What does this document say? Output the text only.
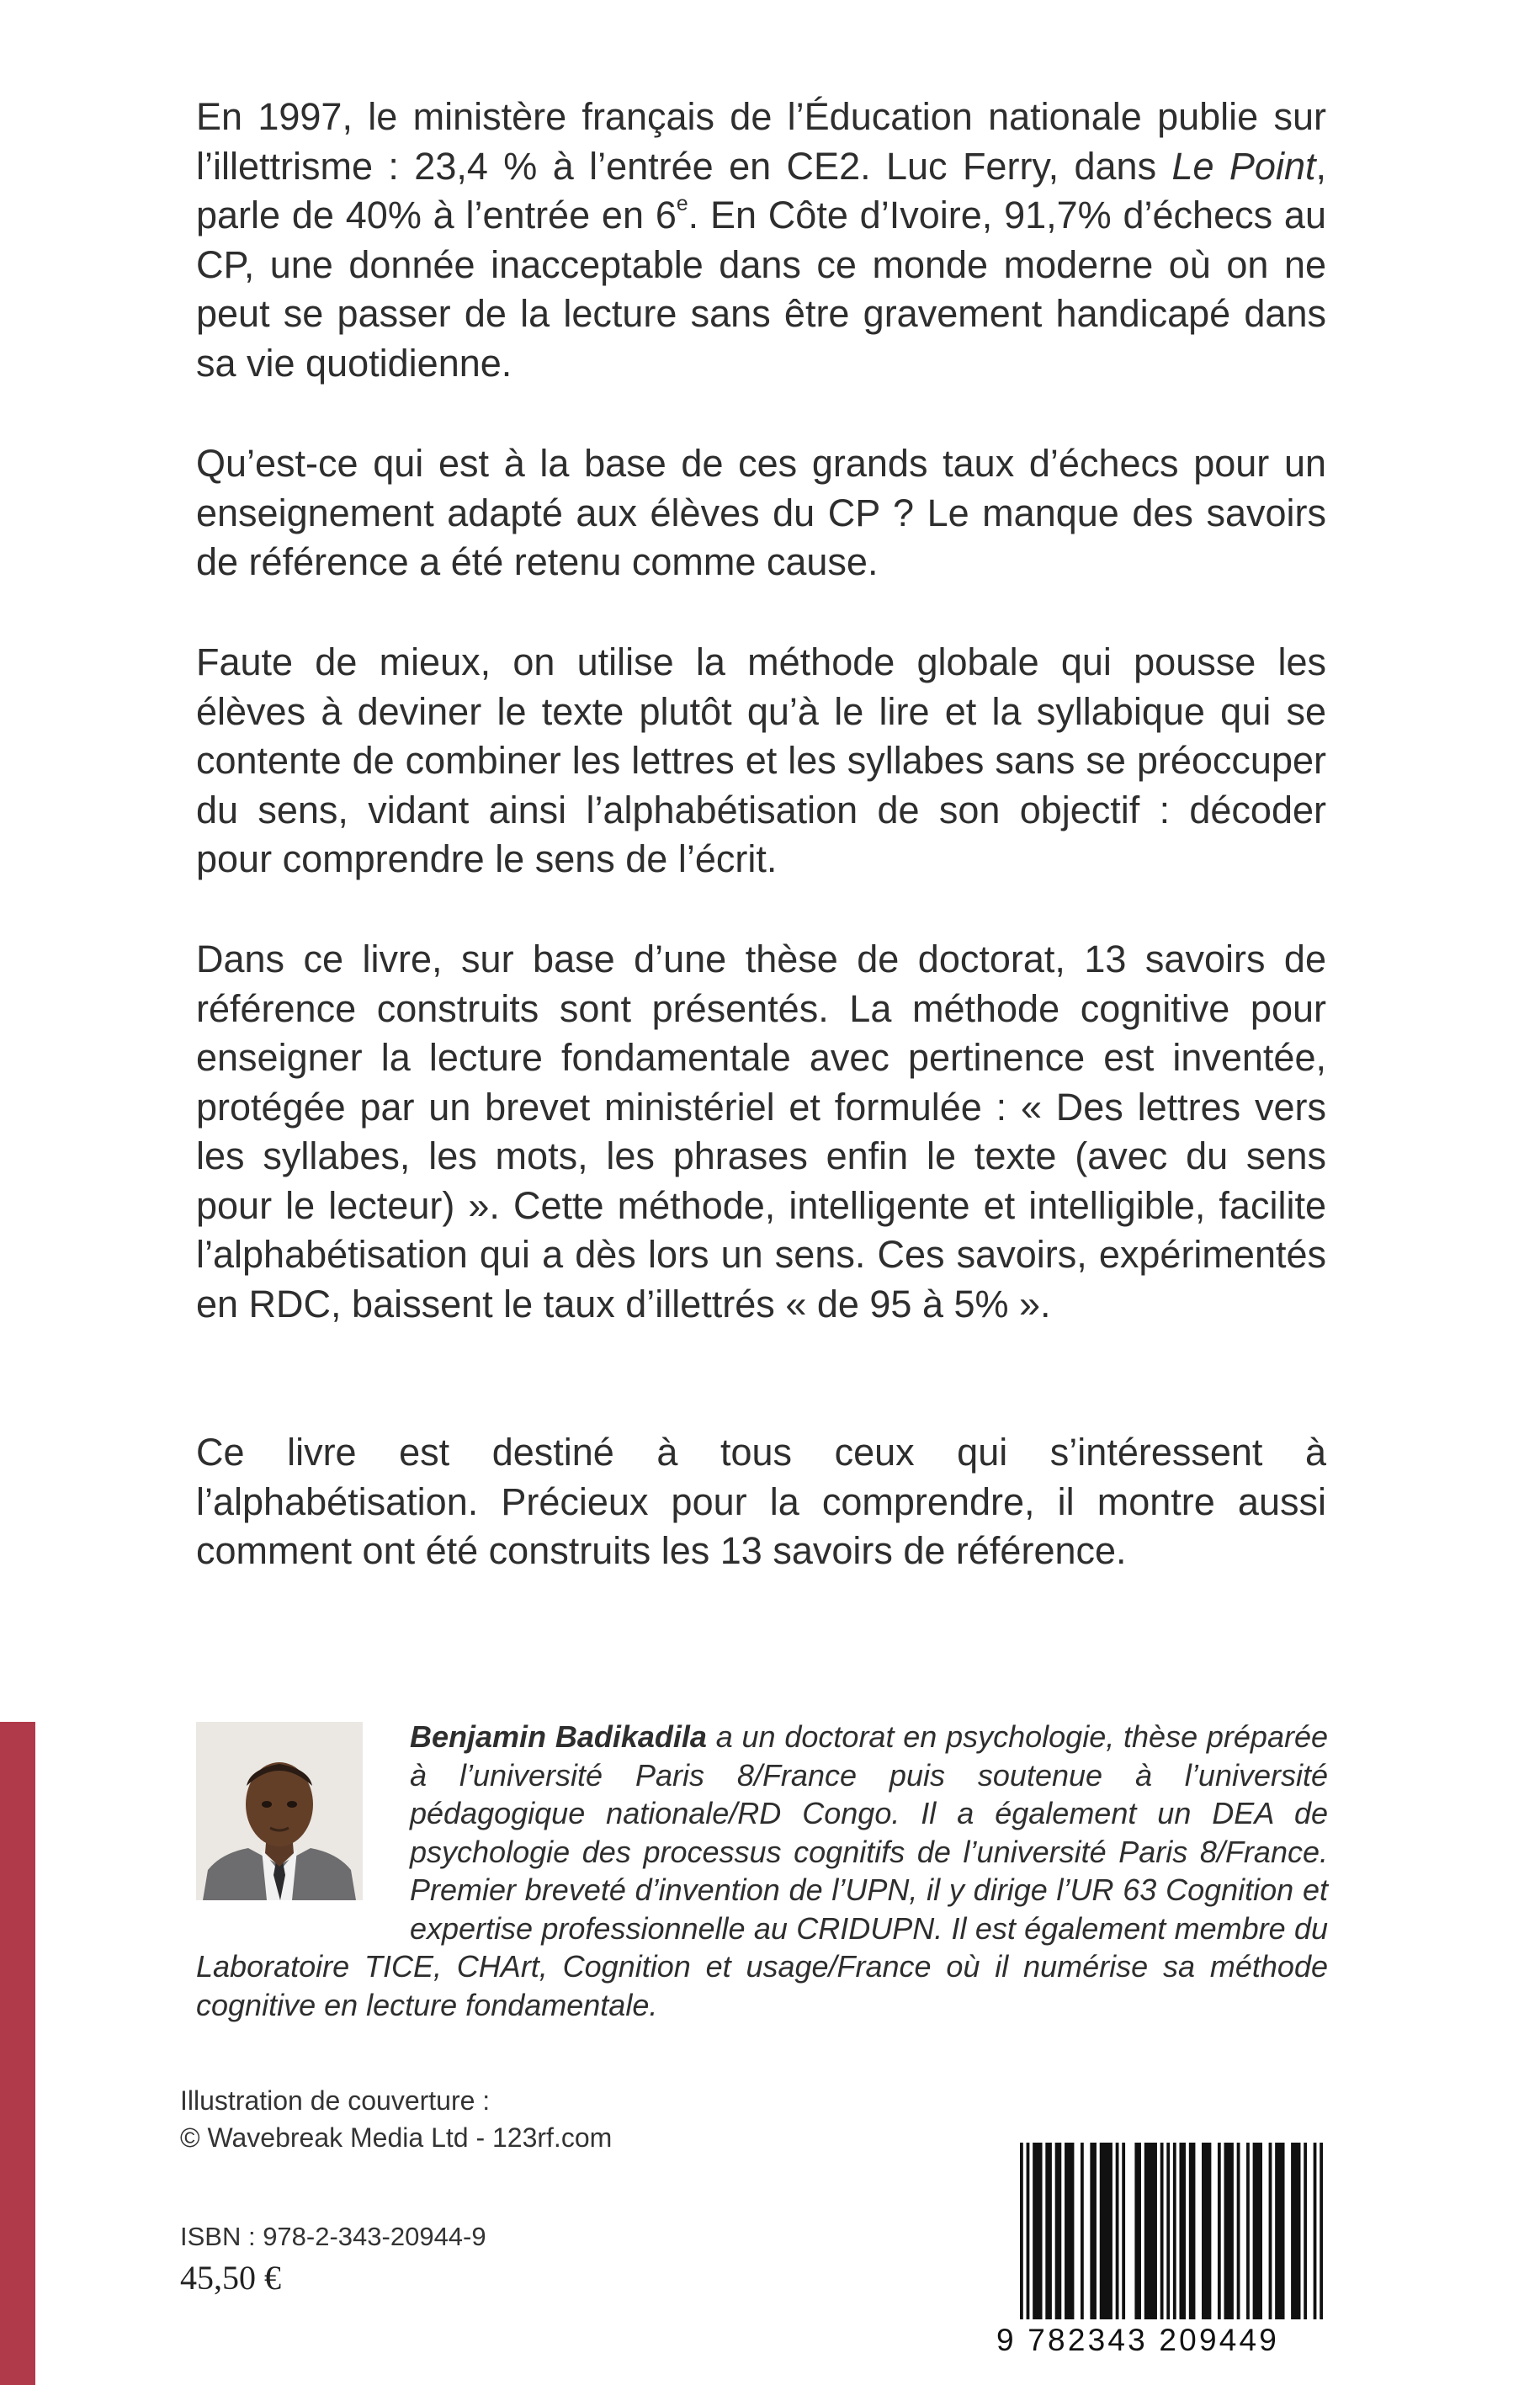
En 1997, le ministère français de l’Éducation nationale publie sur l’illettrisme : 23,4 % à l’entrée en CE2. Luc Ferry, dans Le Point, parle de 40% à l’entrée en 6e. En Côte d’Ivoire, 91,7% d’échecs au CP, une donnée inacceptable dans ce monde moderne où on ne peut se passer de la lecture sans être gravement handicapé dans sa vie quotidienne.

Qu’est-ce qui est à la base de ces grands taux d’échecs pour un enseignement adapté aux élèves du CP ? Le manque des savoirs de référence a été retenu comme cause.

Faute de mieux, on utilise la méthode globale qui pousse les élèves à deviner le texte plutôt qu’à le lire et la syllabique qui se contente de combiner les lettres et les syllabes sans se préoccuper du sens, vidant ainsi l’alphabétisation de son objectif : décoder pour comprendre le sens de l’écrit.

Dans ce livre, sur base d’une thèse de doctorat, 13 savoirs de référence construits sont présentés. La méthode cognitive pour enseigner la lecture fondamentale avec pertinence est inventée, protégée par un brevet ministériel et formulée : « Des lettres vers les syllabes, les mots, les phrases enfin le texte (avec du sens pour le lecteur) ». Cette méthode, intelligente et intelligible, facilite l’alphabétisation qui a dès lors un sens. Ces savoirs, expérimentés en RDC, baissent le taux d’illettrés « de 95 à 5% ».

Ce livre est destiné à tous ceux qui s’intéressent à l’alphabétisation. Précieux pour la comprendre, il montre aussi comment ont été construits les 13 savoirs de référence.

Benjamin Badikadila a un doctorat en psychologie, thèse préparée à l’université Paris 8/France puis soutenue à l’université pédagogique nationale/RD Congo. Il a également un DEA de psychologie des processus cognitifs de l’université Paris 8/France. Premier breveté d’invention de l’UPN, il y dirige l’UR 63 Cognition et expertise professionnelle au CRIDUPN. Il est également membre du Laboratoire TICE, CHArt, Cognition et usage/France où il numérise sa méthode cognitive en lecture fondamentale.

Illustration de couverture :
© Wavebreak Media Ltd - 123rf.com
ISBN : 978-2-343-20944-9
45,50 €
9 782343 209449
